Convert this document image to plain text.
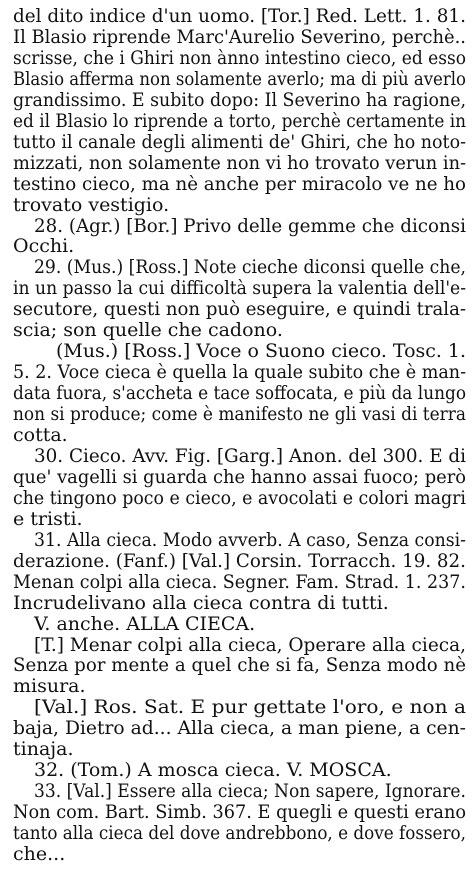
del dito indice d'un uomo. [Tor.] Red. Lett. 1. 81.
Il Blasio riprende Marc'Aurelio Severino, perchè..
scrisse, che i Ghiri non ànno intestino cieco, ed esso
Blasio afferma non solamente averlo; ma di più averlo
grandissimo. E subito dopo: Il Severino ha ragione,
ed il Blasio lo riprende a torto, perchè certamente in
tutto il canale degli alimenti de' Ghiri, che ho noto-
mizzati, non solamente non vi ho trovato verun in-
testino cieco, ma nè anche per miracolo ve ne ho
trovato vestigio.
28. (Agr.) [Bor.] Privo delle gemme che diconsi
Occhi.
29. (Mus.) [Ross.] Note cieche diconsi quelle che,
in un passo la cui difficoltà supera la valentia dell'e-
secutore, questi non può eseguire, e quindi trala-
scia; son quelle che cadono.
(Mus.) [Ross.] Voce o Suono cieco. Tosc. 1.
5. 2. Voce cieca è quella la quale subito che è man-
data fuora, s'accheta e tace soffocata, e più da lungo
non si produce; come è manifesto ne gli vasi di terra
cotta.
30. Cieco. Avv. Fig. [Garg.] Anon. del 300. E di
que' vagelli si guarda che hanno assai fuoco; però
che tingono poco e cieco, e avocolati e colori magri
e tristi.
31. Alla cieca. Modo avverb. A caso, Senza consi-
derazione. (Fanf.) [Val.] Corsin. Torracch. 19. 82.
Menan colpi alla cieca. Segner. Fam. Strad. 1. 237.
Incrudelivano alla cieca contra di tutti.
V. anche. ALLA CIECA.
[T.] Menar colpi alla cieca, Operare alla cieca,
Senza por mente a quel che si fa, Senza modo nè
misura.
[Val.] Ros. Sat. E pur gettate l'oro, e non a
baja, Dietro ad... Alla cieca, a man piene, a cen-
tinaja.
32. (Tom.) A mosca cieca. V. MOSCA.
33. [Val.] Essere alla cieca; Non sapere, Ignorare.
Non com. Bart. Simb. 367. E quegli e questi erano
tanto alla cieca del dove andrebbono, e dove fossero,
che...
